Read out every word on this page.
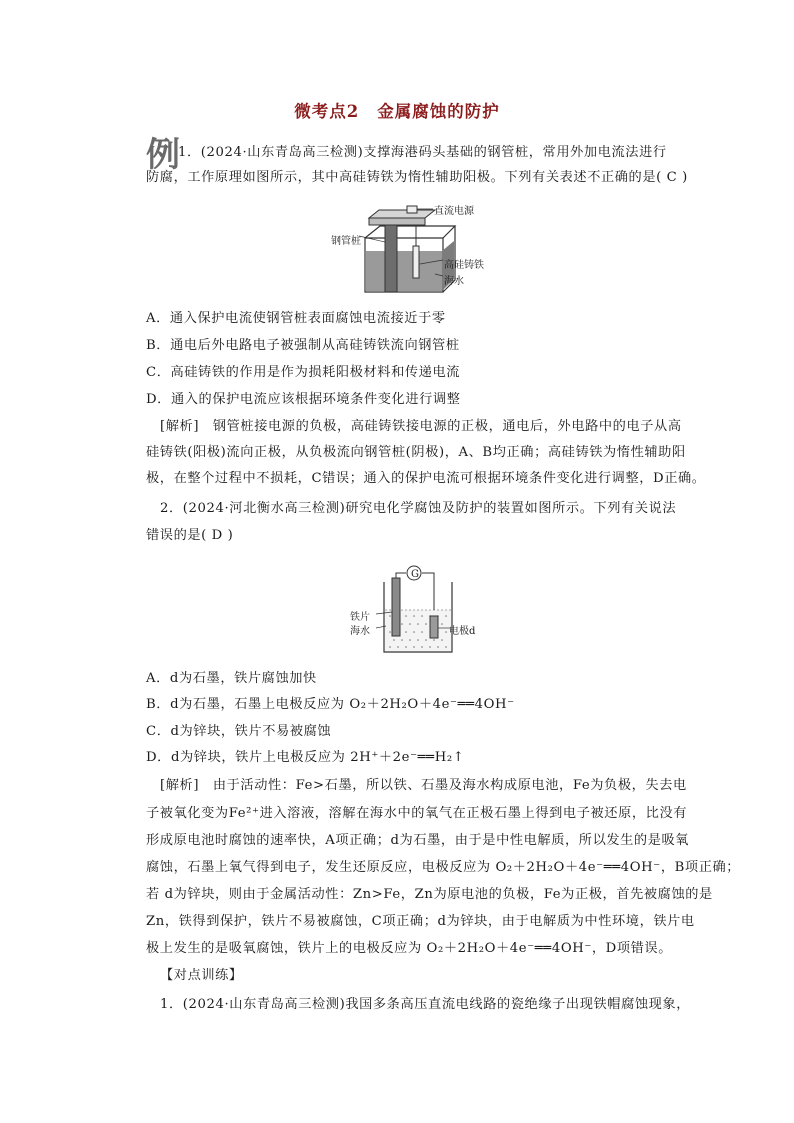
微考点2 金属腐蚀的防护
例
1．(2024·山东青岛高三检测)支撑海港码头基础的钢管桩，常用外加电流法进行
防腐，工作原理如图所示，其中高硅铸铁为惰性辅助阳极。下列有关表述不正确的是( C )
直流电源
钢管桩
高硅铸铁
海水
A．通入保护电流使钢管桩表面腐蚀电流接近于零
B．通电后外电路电子被强制从高硅铸铁流向钢管桩
C．高硅铸铁的作用是作为损耗阳极材料和传递电流
D．通入的保护电流应该根据环境条件变化进行调整
[解析]　钢管桩接电源的负极，高硅铸铁接电源的正极，通电后，外电路中的电子从高
硅铸铁(阳极)流向正极，从负极流向钢管桩(阴极)，A、B均正确；高硅铸铁为惰性辅助阳
极，在整个过程中不损耗，C错误；通入的保护电流可根据环境条件变化进行调整，D正确。
2．(2024·河北衡水高三检测)研究电化学腐蚀及防护的装置如图所示。下列有关说法
错误的是( D )
G
铁片
海水	电极d
A．d为石墨，铁片腐蚀加快
B．d为石墨，石墨上电极反应为 O₂＋2H₂O＋4e⁻══4OH⁻
C．d为锌块，铁片不易被腐蚀
D．d为锌块，铁片上电极反应为 2H⁺＋2e⁻══H₂↑
[解析]　由于活动性：Fe>石墨，所以铁、石墨及海水构成原电池，Fe为负极，失去电
子被氧化变为Fe²⁺进入溶液，溶解在海水中的氧气在正极石墨上得到电子被还原，比没有
形成原电池时腐蚀的速率快，A项正确；d为石墨，由于是中性电解质，所以发生的是吸氧
腐蚀，石墨上氧气得到电子，发生还原反应，电极反应为 O₂＋2H₂O＋4e⁻══4OH⁻，B项正确；
若 d为锌块，则由于金属活动性：Zn>Fe，Zn为原电池的负极，Fe为正极，首先被腐蚀的是
Zn，铁得到保护，铁片不易被腐蚀，C项正确；d为锌块，由于电解质为中性环境，铁片电
极上发生的是吸氧腐蚀，铁片上的电极反应为 O₂＋2H₂O＋4e⁻══4OH⁻，D项错误。
【对点训练】
1．(2024·山东青岛高三检测)我国多条高压直流电线路的瓷绝缘子出现铁帽腐蚀现象，
